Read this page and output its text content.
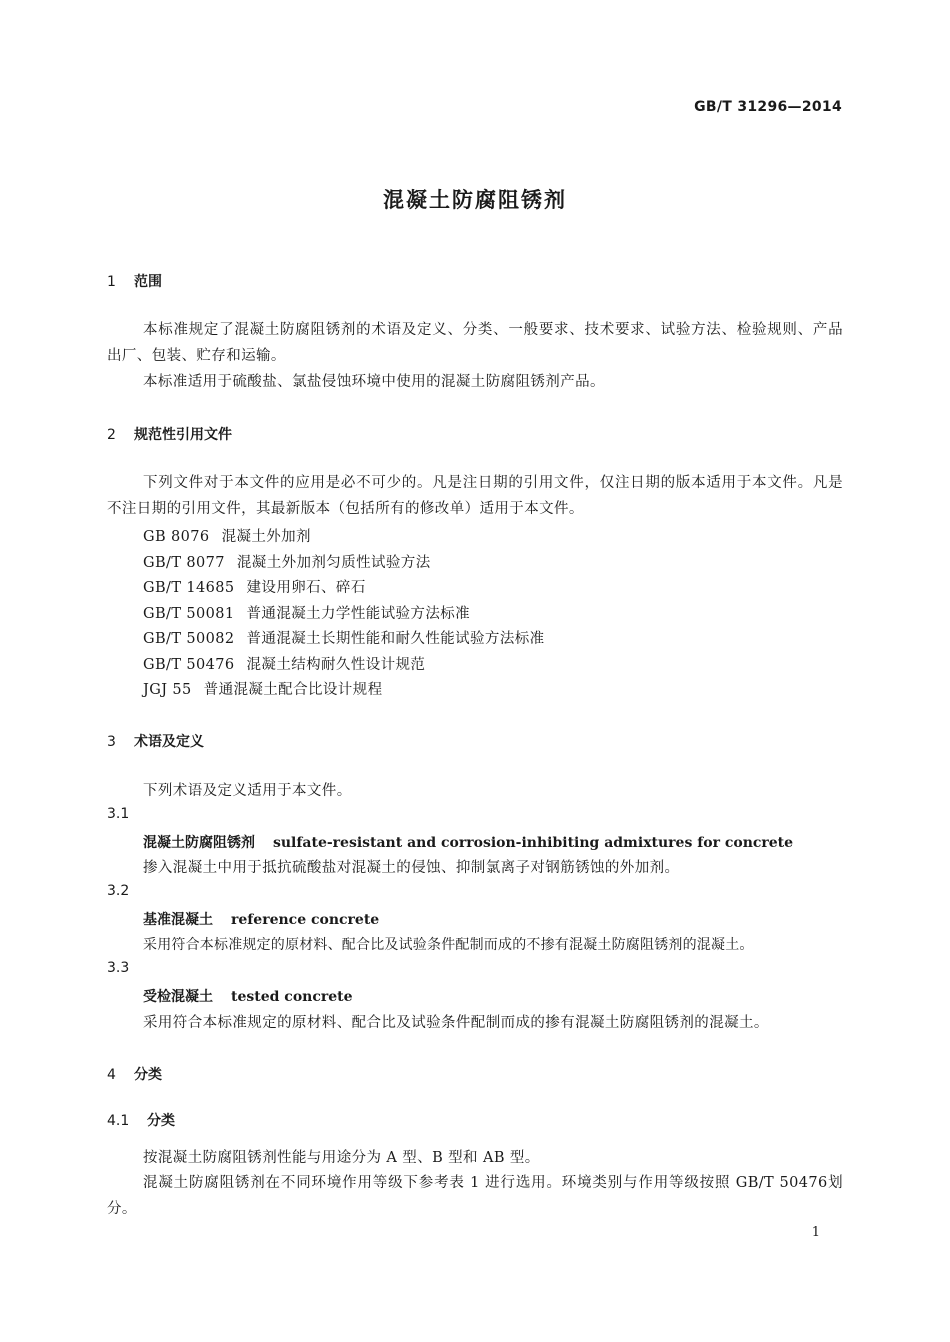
GB/T 31296—2014
混凝土防腐阻锈剂
1 范围
本标准规定了混凝土防腐阻锈剂的术语及定义、分类、一般要求、技术要求、试验方法、检验规则、产品出厂、包装、贮存和运输。
本标准适用于硫酸盐、氯盐侵蚀环境中使用的混凝土防腐阻锈剂产品。
2 规范性引用文件
下列文件对于本文件的应用是必不可少的。凡是注日期的引用文件，仅注日期的版本适用于本文件。凡是不注日期的引用文件，其最新版本（包括所有的修改单）适用于本文件。
GB 8076 混凝土外加剂
GB/T 8077 混凝土外加剂匀质性试验方法
GB/T 14685 建设用卵石、碎石
GB/T 50081 普通混凝土力学性能试验方法标准
GB/T 50082 普通混凝土长期性能和耐久性能试验方法标准
GB/T 50476 混凝土结构耐久性设计规范
JGJ 55 普通混凝土配合比设计规程
3 术语及定义
下列术语及定义适用于本文件。
3.1
混凝土防腐阻锈剂 sulfate-resistant and corrosion-inhibiting admixtures for concrete
掺入混凝土中用于抵抗硫酸盐对混凝土的侵蚀、抑制氯离子对钢筋锈蚀的外加剂。
3.2
基准混凝土 reference concrete
采用符合本标准规定的原材料、配合比及试验条件配制而成的不掺有混凝土防腐阻锈剂的混凝土。
3.3
受检混凝土 tested concrete
采用符合本标准规定的原材料、配合比及试验条件配制而成的掺有混凝土防腐阻锈剂的混凝土。
4 分类
4.1 分类
按混凝土防腐阻锈剂性能与用途分为 A 型、B 型和 AB 型。
混凝土防腐阻锈剂在不同环境作用等级下参考表 1 进行选用。环境类别与作用等级按照 GB/T 50476划分。
1
